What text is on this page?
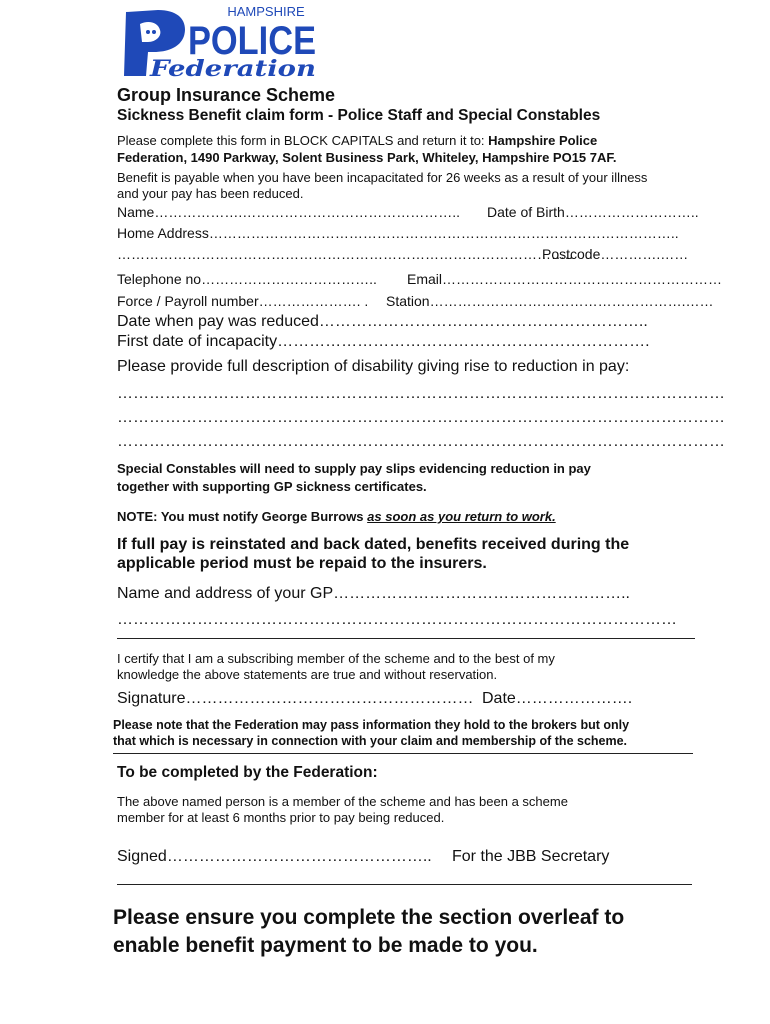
HAMPSHIRE
POLICE
Federation
Group Insurance Scheme
Sickness Benefit claim form - Police Staff and Special Constables
Please complete this form in BLOCK CAPITALS and return it to: Hampshire Police
Federation, 1490 Parkway, Solent Business Park, Whiteley, Hampshire PO15 7AF.
Benefit is payable when you have been incapacitated for 26 weeks as a result of your illness
and your pay has been reduced.
Name……………….……………………………………….. Date of Birth………………………..
Home Address………………………………………………………………………………………..
……………………………………………………………………………………..
Postcode………….……
Telephone no……………………………….. Email……………………………………………………
Force / Payroll number…………………. . Station……………………………………………….……
Date when pay was reduced……………………………………………………..
First date of incapacity…………………………………………………………….
Please provide full description of disability giving rise to reduction in pay:
……………………………………………………………………………………………………
……………………………………………………………………………………………………
……………………………………………………………………………………………………
Special Constables will need to supply pay slips evidencing reduction in pay
together with supporting GP sickness certificates.
NOTE: You must notify George Burrows as soon as you return to work.
If full pay is reinstated and back dated, benefits received during the
applicable period must be repaid to the insurers.
Name and address of your GP………………………………………………..
……………………………………………………………………………………………
I certify that I am a subscribing member of the scheme and to the best of my
knowledge the above statements are true and without reservation.
Signature……………………………………………… Date………………….
Please note that the Federation may pass information they hold to the brokers but only
that which is necessary in connection with your claim and membership of the scheme.
To be completed by the Federation:
The above named person is a member of the scheme and has been a scheme
member for at least 6 months prior to pay being reduced.
Signed………………………………………….. For the JBB Secretary
Please ensure you complete the section overleaf to
enable benefit payment to be made to you.
